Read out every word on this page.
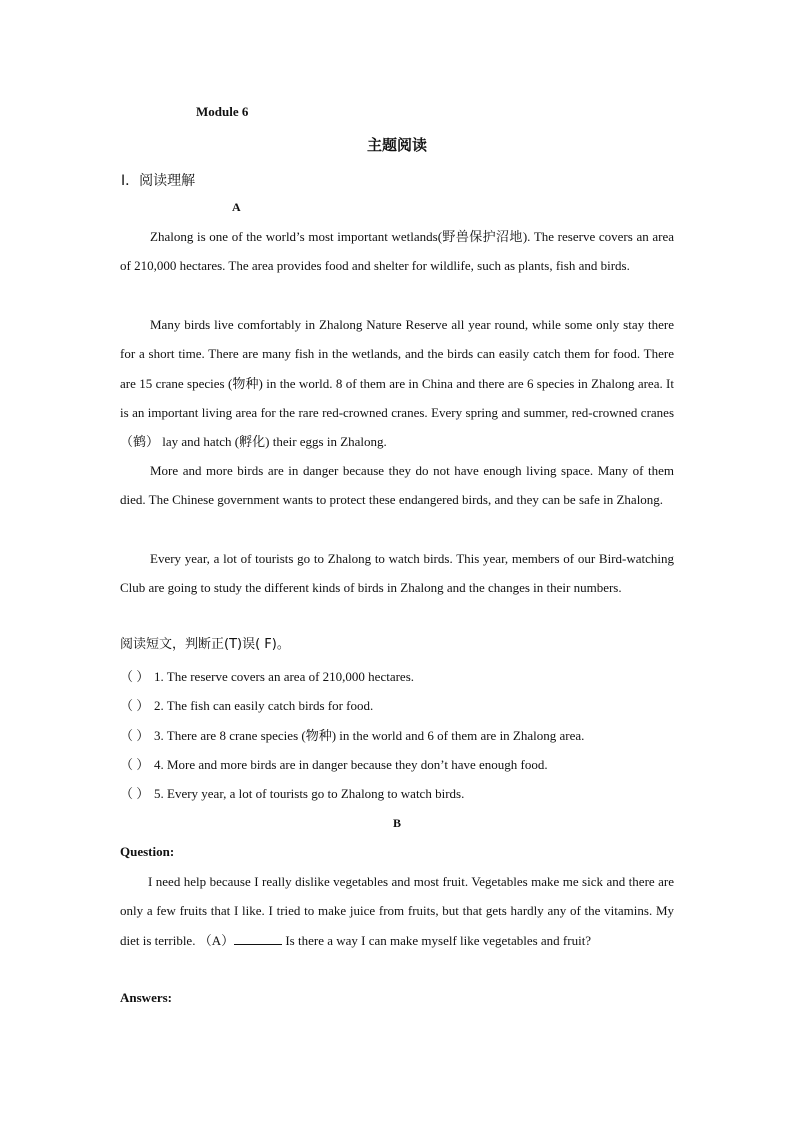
Module 6
主题阅读
I．阅读理解
A

Zhalong is one of the world’s most important wetlands(野兽保护沼地). The reserve covers an area of 210,000 hectares. The area provides food and shelter for wildlife, such as plants, fish and birds.

Many birds live comfortably in Zhalong Nature Reserve all year round, while some only stay there for a short time. There are many fish in the wetlands, and the birds can easily catch them for food. There are 15 crane species (物种) in the world. 8 of them are in China and there are 6 species in Zhalong area. It is an important living area for the rare red-crowned cranes. Every spring and summer, red-crowned cranes（鹤） lay and hatch (孵化) their eggs in Zhalong.

More and more birds are in danger because they do not have enough living space. Many of them died. The Chinese government wants to protect these endangered birds, and they can be safe in Zhalong.

Every year, a lot of tourists go to Zhalong to watch birds. This year, members of our Bird-watching Club are going to study the different kinds of birds in Zhalong and the changes in their numbers.

阅读短文，判断正(T)误( F)。
（ ） 1. The reserve covers an area of 210,000 hectares.
（ ） 2. The fish can easily catch birds for food.
（ ） 3. There are 8 crane species (物种) in the world and 6 of them are in Zhalong area.
（ ） 4. More and more birds are in danger because they don’t have enough food.
（ ） 5. Every year, a lot of tourists go to Zhalong to watch birds.
B
Question:

I need help because I really dislike vegetables and most fruit. Vegetables make me sick and there are only a few fruits that I like. I tried to make juice from fruits, but that gets hardly any of the vitamins. My diet is terrible. （A）	Is there a way I can make myself like vegetables and fruit?

Answers:
